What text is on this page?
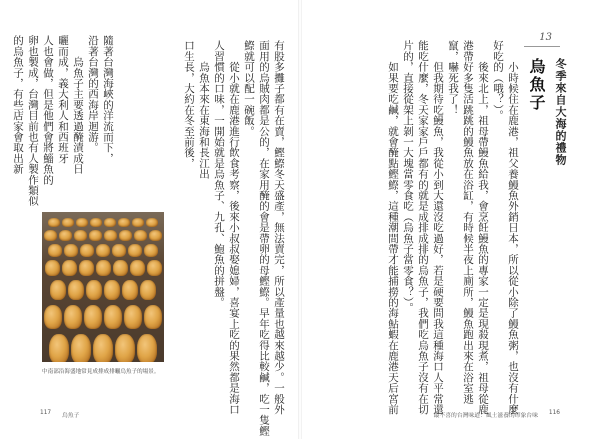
有股多攤子都有在賣，鰹鰶冬天盛產，無法賣完，所以產量也越來越少。一般外

面用的烏賊肉都是公的，在家用醃的會是帶卵的母鰹鰶。早年吃得比較鹹，吃一隻鰹

鰶就可以配一碗飯。

　　從小就在鹿港進行飲食考察，後來小叔叔娶媳婦，喜宴上吃的果然都是海口

人習慣的口味，一開始就是烏魚子、九孔、鮑魚的拼盤。

　　烏魚本來在東海和長江出

口生長，大約在冬至前後，

隨著台灣海峽的洋流而下，

沿著台灣的西海岸迴游。

　　烏魚子主要透過醃漬成日

曬而成，義大利人和西班牙

人也會做，但是他們會將鯔魚的

卵也製成，台灣目前也有人製作類似

的烏魚子，有些店家會取出新

中南部沿海盛地常見成排成排曬烏魚子的場景。
117 烏魚子
13
烏魚子 冬季來自大海的禮物

　　小時候住在鹿港，祖父養鰻魚外銷日本，所以從小除了鰻魚粥，也沒有什麼

好吃的（哦？）。

　　後來北上，祖母帶鰻魚給我，會烹飪鰻魚的專家一定是現殺現煮，祖母從鹿

港帶好多隻活跳跳的鰻魚放在浴缸，有時候半夜上廁所，鰻魚跑出來在浴室逃

竄，嚇死我了！

　　但我期待吃鰻魚，我從小到大還沒吃過好，若是硬要問我這種海口人平常還

能吃什麼，冬天家家戶戶都有的就是成排成排的烏魚子，我們吃烏魚子沒有在切

片的，直接從架上剝一大塊當零食吃（烏魚子當零食？）。

　　如果要吃鹹，就會醃點鰹鰶，這種潮間帶才能捕撈的海鮎蝦在鹿港天后宮前

最不喜的台灣味道：風土滋養的印象台味 116
